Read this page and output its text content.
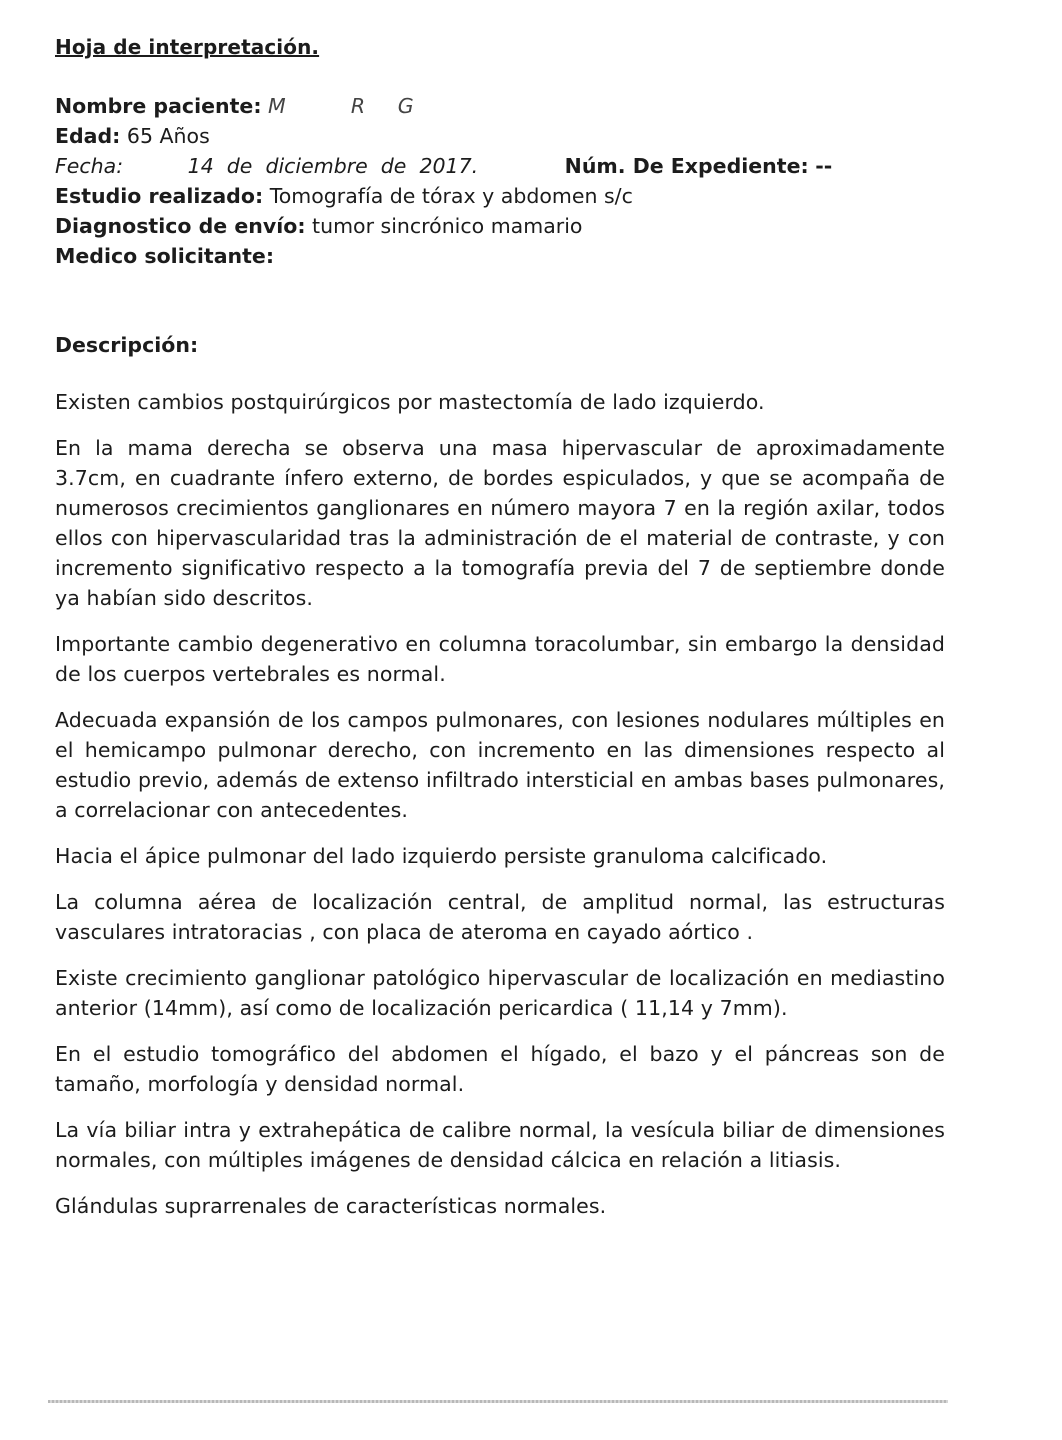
Hoja de interpretación.
Nombre paciente: M          R     G
Edad: 65 Años
Fecha:	14  de  diciembre  de  2017.	Núm. De Expediente: --
Estudio realizado: Tomografía de tórax y abdomen s/c
Diagnostico de envío: tumor sincrónico mamario
Medico solicitante:
Descripción:

Existen cambios postquirúrgicos por mastectomía de lado izquierdo.

En la mama derecha se observa una masa hipervascular de aproximadamente 3.7cm, en cuadrante ínfero externo, de bordes espiculados, y que se acompaña de numerosos crecimientos ganglionares en número mayora 7 en la región axilar, todos ellos con hipervascularidad tras la administración de el material de contraste, y con incremento significativo respecto a la tomografía previa del 7 de septiembre donde ya habían sido descritos.

Importante cambio degenerativo en columna toracolumbar, sin embargo la densidad de los cuerpos vertebrales es normal.

Adecuada expansión de los campos pulmonares, con lesiones nodulares múltiples en el hemicampo pulmonar derecho, con incremento en las dimensiones respecto al estudio previo, además de extenso infiltrado intersticial en ambas bases pulmonares, a correlacionar con antecedentes.

Hacia el ápice pulmonar del lado izquierdo persiste granuloma calcificado.

La columna aérea de localización central, de amplitud normal, las estructuras vasculares intratoracias , con placa de ateroma en cayado aórtico .

Existe crecimiento ganglionar patológico hipervascular de localización en mediastino anterior (14mm), así como de localización pericardica ( 11,14 y 7mm).

En el estudio tomográfico del abdomen el hígado, el bazo y el páncreas son de tamaño, morfología y densidad normal.

La vía biliar intra y extrahepática de calibre normal, la vesícula biliar de dimensiones normales, con múltiples imágenes de densidad cálcica en relación a litiasis.

Glándulas suprarrenales de características normales.
